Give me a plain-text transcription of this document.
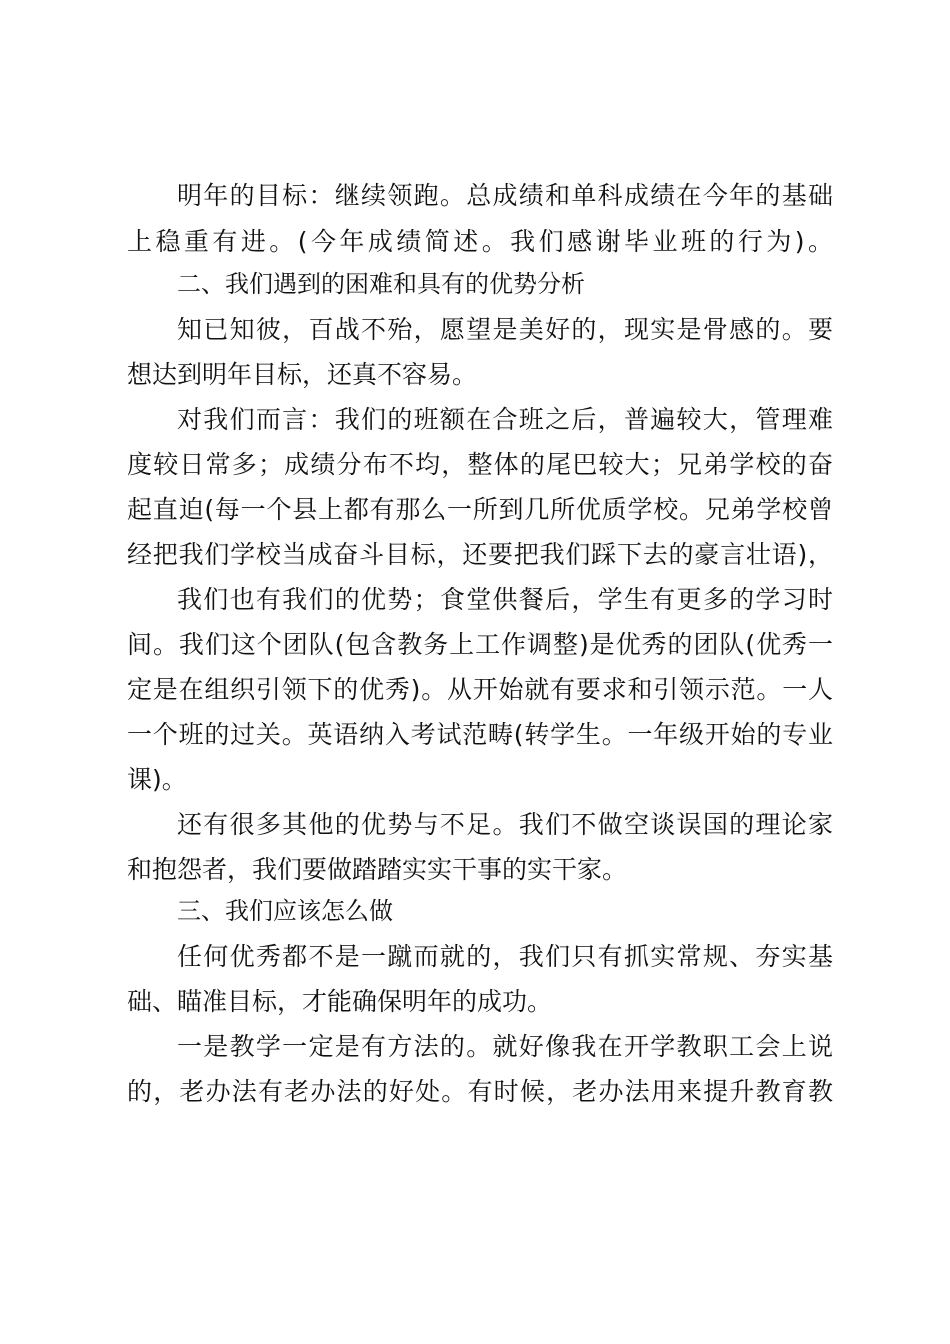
明年的目标：继续领跑。总成绩和单科成绩在今年的基础
上稳重有进。(今年成绩简述。我们感谢毕业班的行为)。
二、我们遇到的困难和具有的优势分析
知已知彼，百战不殆，愿望是美好的，现实是骨感的。要
想达到明年目标，还真不容易。
对我们而言：我们的班额在合班之后，普遍较大，管理难
度较日常多；成绩分布不均，整体的尾巴较大；兄弟学校的奋
起直迫(每一个县上都有那么一所到几所优质学校。兄弟学校曾
经把我们学校当成奋斗目标，还要把我们踩下去的豪言壮语)，
我们也有我们的优势；食堂供餐后，学生有更多的学习时
间。我们这个团队(包含教务上工作调整)是优秀的团队(优秀一
定是在组织引领下的优秀)。从开始就有要求和引领示范。一人
一个班的过关。英语纳入考试范畴(转学生。一年级开始的专业
课)。
还有很多其他的优势与不足。我们不做空谈误国的理论家
和抱怨者，我们要做踏踏实实干事的实干家。
三、我们应该怎么做
任何优秀都不是一蹴而就的，我们只有抓实常规、夯实基
础、瞄准目标，才能确保明年的成功。
一是教学一定是有方法的。就好像我在开学教职工会上说
的，老办法有老办法的好处。有时候，老办法用来提升教育教
